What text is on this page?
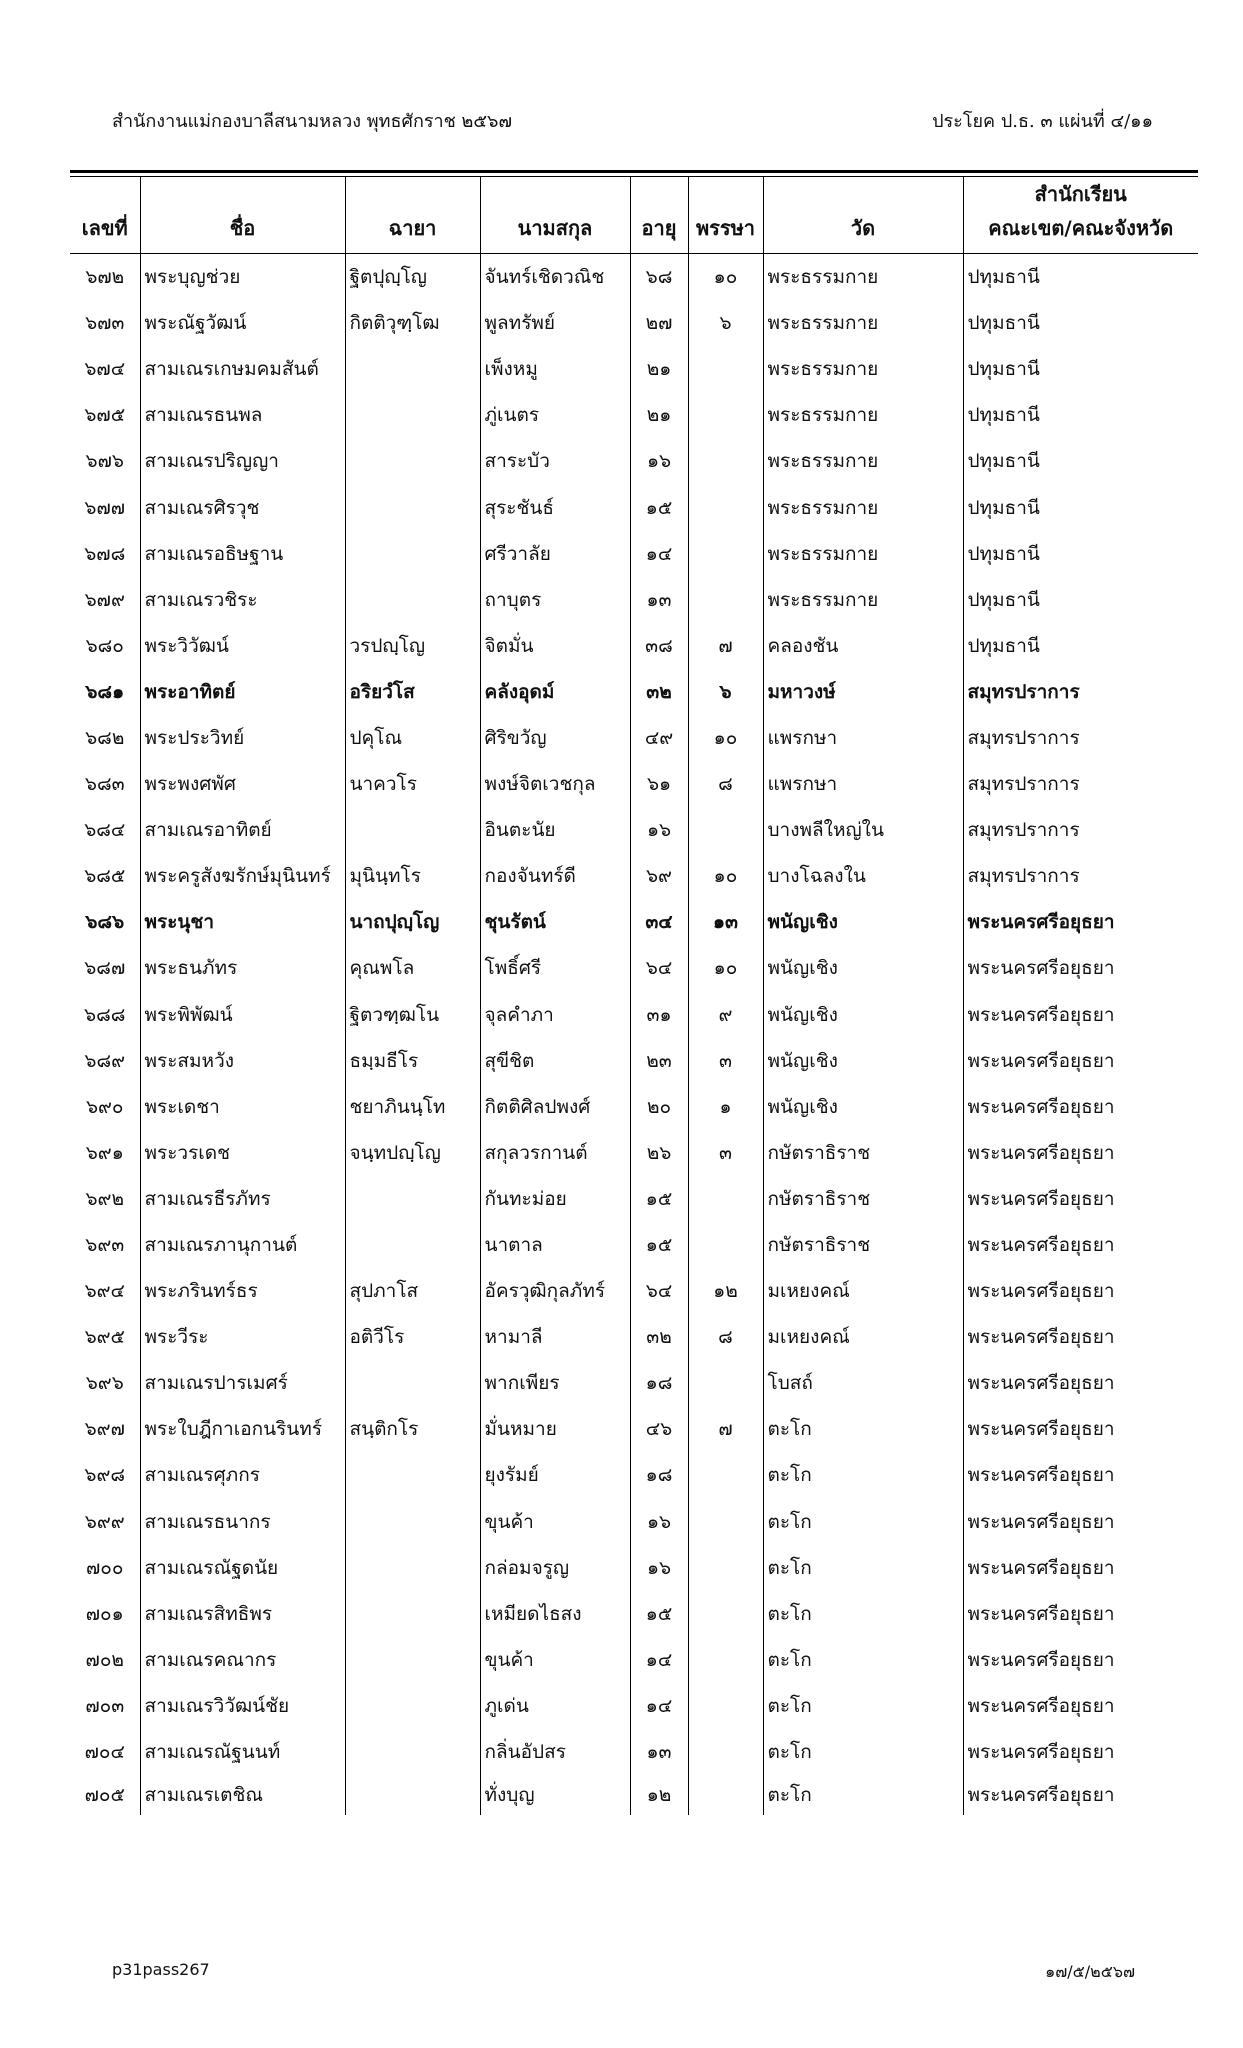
สำนักงานแม่กองบาลีสนามหลวง พุทธศักราช ๒๕๖๗	ประโยค ป.ธ. ๓ แผ่นที่ ๔/๑๑
เลขที่	ชื่อ	ฉายา	นามสกุล	อายุ	พรรษา	วัด	สำนักเรียน
คณะเขต/คณะจังหวัด

๖๗๒	พระบุญช่วย	ฐิตปุญฺโญ	จันทร์เชิดวณิช	๖๘	๑๐	พระธรรมกาย	ปทุมธานี
๖๗๓	พระณัฐวัฒน์	กิตติวุฑฺโฒ	พูลทรัพย์	๒๗	๖	พระธรรมกาย	ปทุมธานี
๖๗๔	สามเณรเกษมคมสันต์		เพ็งหมู	๒๑		พระธรรมกาย	ปทุมธานี
๖๗๕	สามเณรธนพล		ภู่เนตร	๒๑		พระธรรมกาย	ปทุมธานี
๖๗๖	สามเณรปริญญา		สาระบัว	๑๖		พระธรรมกาย	ปทุมธานี
๖๗๗	สามเณรศิรวุช		สุระชันธ์	๑๕		พระธรรมกาย	ปทุมธานี
๖๗๘	สามเณรอธิษฐาน		ศรีวาลัย	๑๔		พระธรรมกาย	ปทุมธานี
๖๗๙	สามเณรวชิระ		ถาบุตร	๑๓		พระธรรมกาย	ปทุมธานี
๖๘๐	พระวิวัฒน์	วรปญฺโญ	จิตมั่น	๓๘	๗	คลองชัน	ปทุมธานี
๖๘๑	พระอาทิตย์	อริยวํโส	คลังอุดม์	๓๒	๖	มหาวงษ์	สมุทรปราการ
๖๘๒	พระประวิทย์	ปคุโณ	ศิริขวัญ	๔๙	๑๐	แพรกษา	สมุทรปราการ
๖๘๓	พระพงศพัศ	นาควโร	พงษ์จิตเวชกุล	๖๑	๘	แพรกษา	สมุทรปราการ
๖๘๔	สามเณรอาทิตย์		อินตะนัย	๑๖		บางพลีใหญ่ใน	สมุทรปราการ
๖๘๕	พระครูสังฆรักษ์มุนินทร์	มุนินฺทโร	กองจันทร์ดี	๖๙	๑๐	บางโฉลงใน	สมุทรปราการ
๖๘๖	พระนุชา	นาถปุญฺโญ	ชุนรัตน์	๓๔	๑๓	พนัญเชิง	พระนครศรีอยุธยา
๖๘๗	พระธนภัทร	คุณพโล	โพธิ์ศรี	๖๔	๑๐	พนัญเชิง	พระนครศรีอยุธยา
๖๘๘	พระพิพัฒน์	ฐิตวฑฺฒโน	จุลคำภา	๓๑	๙	พนัญเชิง	พระนครศรีอยุธยา
๖๘๙	พระสมหวัง	ธมฺมธีโร	สุขีชิต	๒๓	๓	พนัญเชิง	พระนครศรีอยุธยา
๖๙๐	พระเดชา	ชยาภินนฺโท	กิตติศิลปพงศ์	๒๐	๑	พนัญเชิง	พระนครศรีอยุธยา
๖๙๑	พระวรเดช	จนฺทปญฺโญ	สกุลวรกานต์	๒๖	๓	กษัตราธิราช	พระนครศรีอยุธยา
๖๙๒	สามเณรธีรภัทร		กันทะม่อย	๑๕		กษัตราธิราช	พระนครศรีอยุธยา
๖๙๓	สามเณรภานุกานต์		นาตาล	๑๕		กษัตราธิราช	พระนครศรีอยุธยา
๖๙๔	พระภรินทร์ธร	สุปภาโส	อัครวุฒิกุลภัทร์	๖๔	๑๒	มเหยงคณ์	พระนครศรีอยุธยา
๖๙๕	พระวีระ	อติวีโร	หามาลี	๓๒	๘	มเหยงคณ์	พระนครศรีอยุธยา
๖๙๖	สามเณรปารเมศร์		พากเพียร	๑๘		โบสถ์	พระนครศรีอยุธยา
๖๙๗	พระใบฎีกาเอกนรินทร์	สนฺติกโร	มั่นหมาย	๔๖	๗	ตะโก	พระนครศรีอยุธยา
๖๙๘	สามเณรศุภกร		ยุงรัมย์	๑๘		ตะโก	พระนครศรีอยุธยา
๖๙๙	สามเณรธนากร		ขุนค้า	๑๖		ตะโก	พระนครศรีอยุธยา
๗๐๐	สามเณรณัฐดนัย		กล่อมจรูญ	๑๖		ตะโก	พระนครศรีอยุธยา
๗๐๑	สามเณรสิทธิพร		เหมียดไธสง	๑๕		ตะโก	พระนครศรีอยุธยา
๗๐๒	สามเณรคณากร		ขุนค้า	๑๔		ตะโก	พระนครศรีอยุธยา
๗๐๓	สามเณรวิวัฒน์ชัย		ภูเด่น	๑๔		ตะโก	พระนครศรีอยุธยา
๗๐๔	สามเณรณัฐนนท์		กลิ่นอัปสร	๑๓		ตะโก	พระนครศรีอยุธยา
๗๐๕	สามเณรเตชิณ		ทั่งบุญ	๑๒		ตะโก	พระนครศรีอยุธยา
p31pass267	๑๗/๕/๒๕๖๗
